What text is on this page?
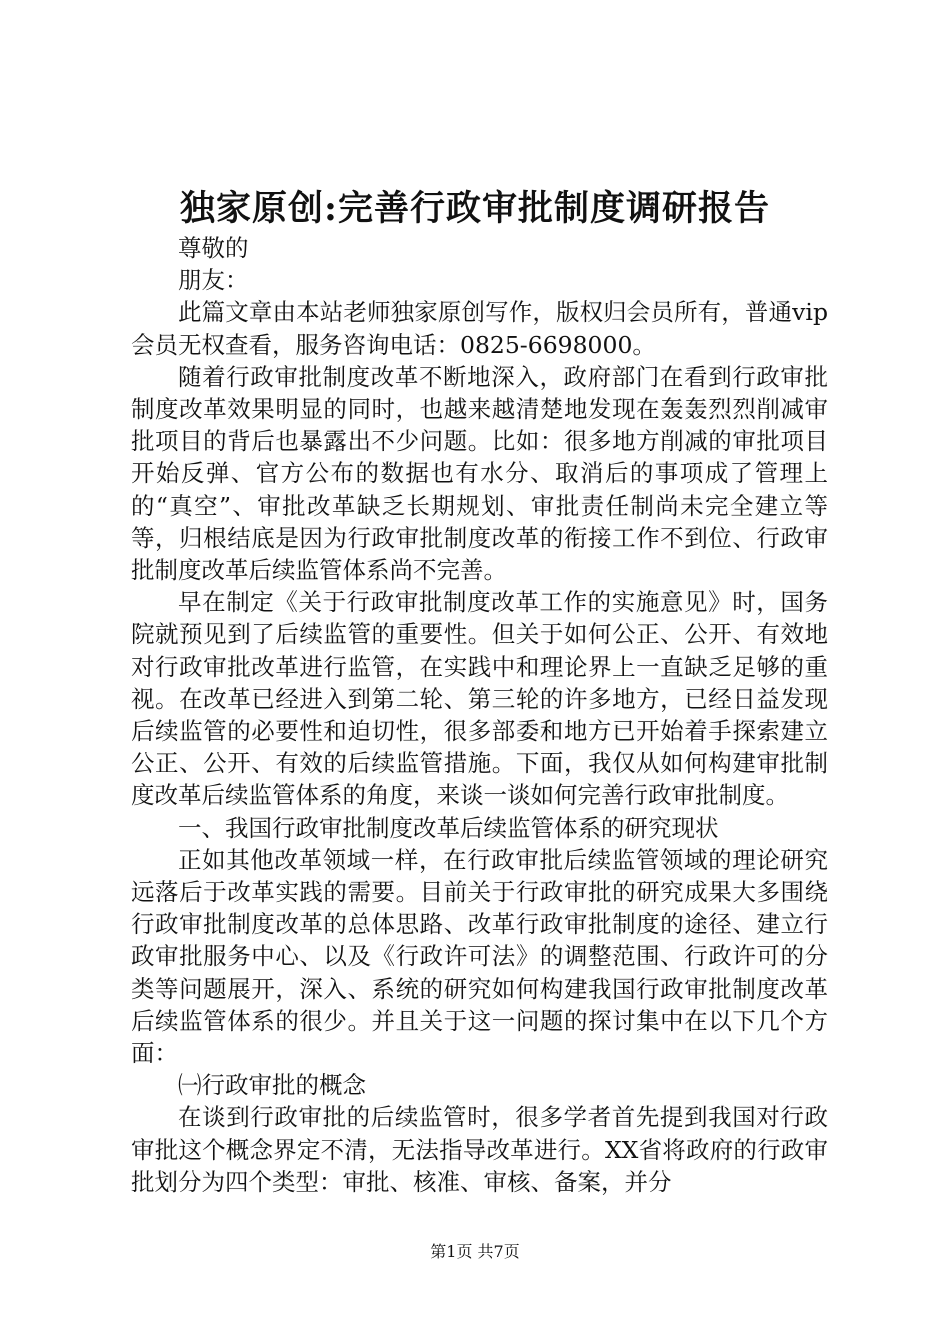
独家原创:完善行政审批制度调研报告

尊敬的

朋友：

此篇文章由本站老师独家原创写作，版权归会员所有，普通vip会员无权查看，服务咨询电话：0825-6698000。

随着行政审批制度改革不断地深入，政府部门在看到行政审批制度改革效果明显的同时，也越来越清楚地发现在轰轰烈烈削减审批项目的背后也暴露出不少问题。比如：很多地方削减的审批项目开始反弹、官方公布的数据也有水分、取消后的事项成了管理上的“真空”、审批改革缺乏长期规划、审批责任制尚未完全建立等等，归根结底是因为行政审批制度改革的衔接工作不到位、行政审批制度改革后续监管体系尚不完善。

早在制定《关于行政审批制度改革工作的实施意见》时，国务院就预见到了后续监管的重要性。但关于如何公正、公开、有效地对行政审批改革进行监管，在实践中和理论界上一直缺乏足够的重视。在改革已经进入到第二轮、第三轮的许多地方，已经日益发现后续监管的必要性和迫切性，很多部委和地方已开始着手探索建立公正、公开、有效的后续监管措施。下面，我仅从如何构建审批制度改革后续监管体系的角度，来谈一谈如何完善行政审批制度。

一、我国行政审批制度改革后续监管体系的研究现状

正如其他改革领域一样，在行政审批后续监管领域的理论研究远落后于改革实践的需要。目前关于行政审批的研究成果大多围绕行政审批制度改革的总体思路、改革行政审批制度的途径、建立行政审批服务中心、以及《行政许可法》的调整范围、行政许可的分类等问题展开，深入、系统的研究如何构建我国行政审批制度改革后续监管体系的很少。并且关于这一问题的探讨集中在以下几个方面：

㈠行政审批的概念

在谈到行政审批的后续监管时，很多学者首先提到我国对行政审批这个概念界定不清，无法指导改革进行。XX省将政府的行政审批划分为四个类型：审批、核准、审核、备案，并分

第1页 共7页
